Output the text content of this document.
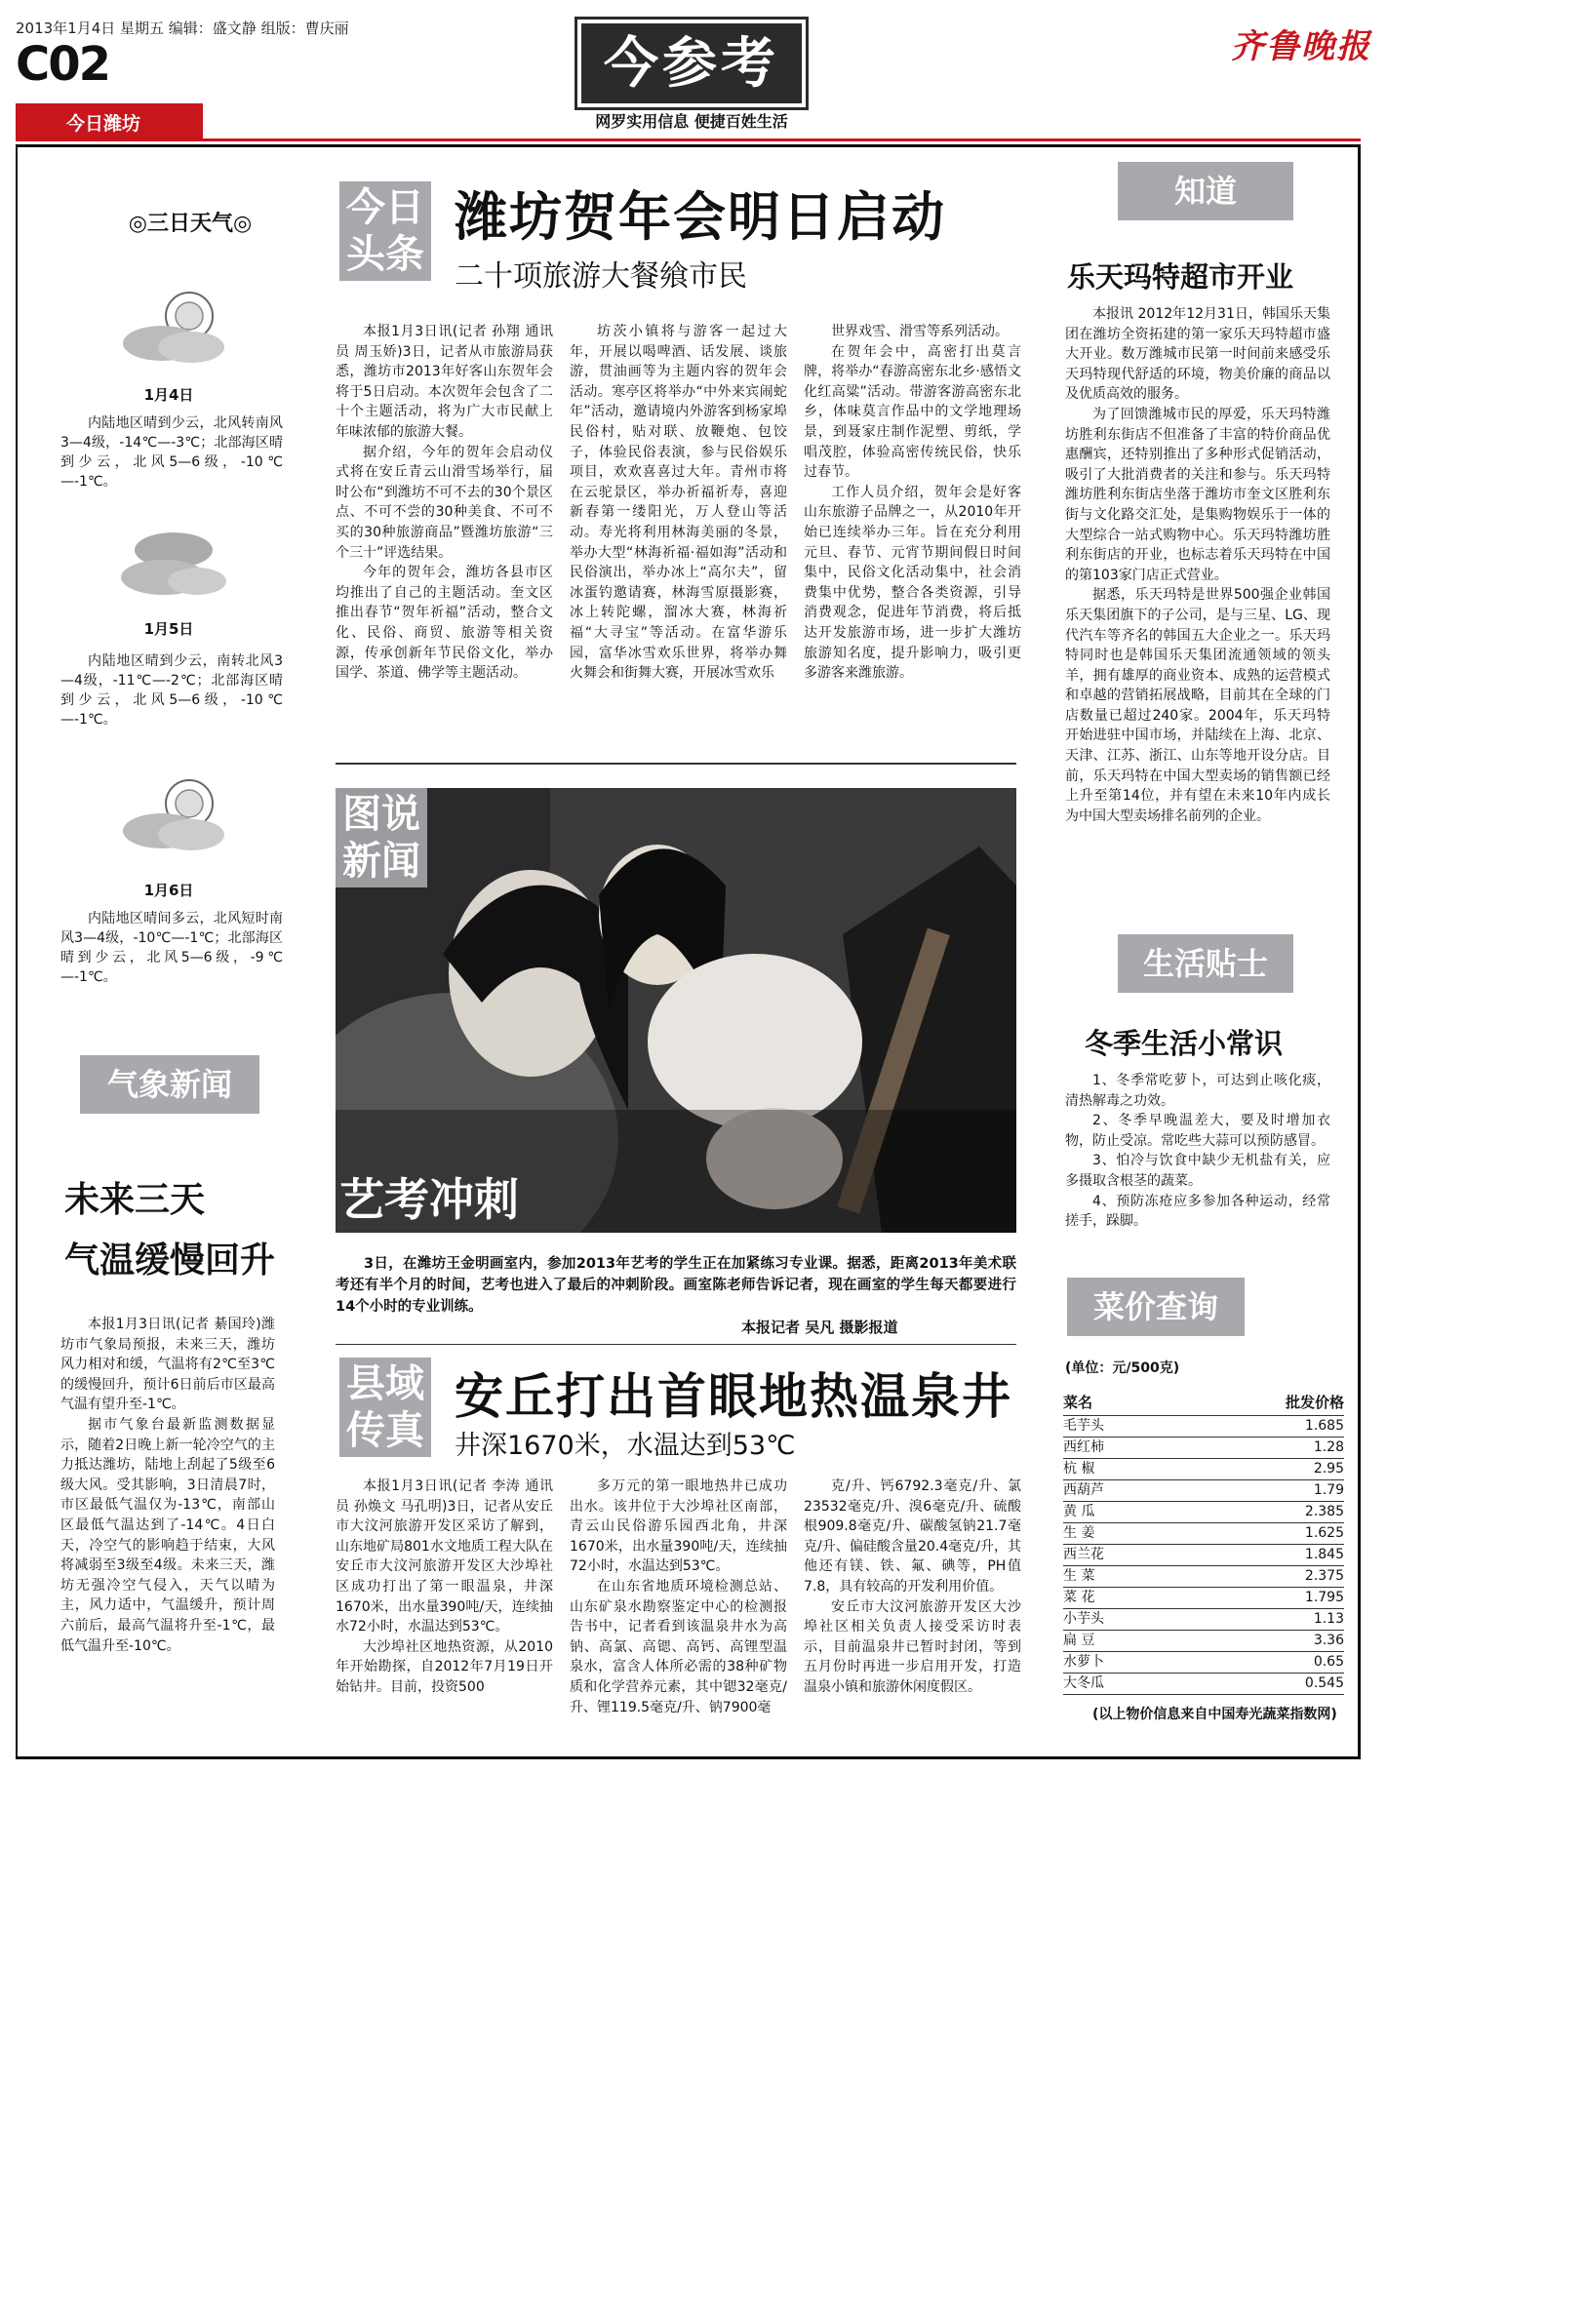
2013年1月4日 星期五 编辑：盛文静 组版：曹庆丽
C02
今日潍坊
今参考
网罗实用信息 便捷百姓生活
齐鲁晚报
◎三日天气◎
1月4日
内陆地区晴到少云，北风转南风3—4级，-14℃—-3℃；北部海区晴到少云，北风5—6级，-10℃—-1℃。
1月5日
内陆地区晴到少云，南转北风3—4级，-11℃—-2℃；北部海区晴到少云，北风5—6级，-10℃—-1℃。
1月6日
内陆地区晴间多云，北风短时南风3—4级，-10℃—-1℃；北部海区晴到少云，北风5—6级，-9℃—-1℃。
气象新闻
未来三天
气温缓慢回升

本报1月3日讯(记者 綦国玲)潍坊市气象局预报，未来三天，潍坊风力相对和缓，气温将有2℃至3℃的缓慢回升，预计6日前后市区最高气温有望升至-1℃。

据市气象台最新监测数据显示，随着2日晚上新一轮冷空气的主力抵达潍坊，陆地上刮起了5级至6级大风。受其影响，3日清晨7时，市区最低气温仅为-13℃，南部山区最低气温达到了-14℃。4日白天，冷空气的影响趋于结束，大风将减弱至3级至4级。未来三天，潍坊无强冷空气侵入，天气以晴为主，风力适中，气温缓升，预计周六前后，最高气温将升至-1℃，最低气温升至-10℃。

今日头条
潍坊贺年会明日启动
二十项旅游大餐飨市民

本报1月3日讯(记者 孙翔 通讯员 周玉娇)3日，记者从市旅游局获悉，潍坊市2013年好客山东贺年会将于5日启动。本次贺年会包含了二十个主题活动，将为广大市民献上年味浓郁的旅游大餐。

据介绍，今年的贺年会启动仪式将在安丘青云山滑雪场举行，届时公布“到潍坊不可不去的30个景区点、不可不尝的30种美食、不可不买的30种旅游商品”暨潍坊旅游“三个三十”评选结果。

今年的贺年会，潍坊各县市区均推出了自己的主题活动。奎文区推出春节“贺年祈福”活动，整合文化、民俗、商贸、旅游等相关资源，传承创新年节民俗文化，举办国学、茶道、佛学等主题活动。

坊茨小镇将与游客一起过大年，开展以喝啤酒、话发展、谈旅游，贯油画等为主题内容的贺年会活动。寒亭区将举办“中外来宾闹蛇年”活动，邀请境内外游客到杨家埠民俗村，贴对联、放鞭炮、包饺子，体验民俗表演，参与民俗娱乐项目，欢欢喜喜过大年。青州市将在云驼景区，举办祈福祈寿，喜迎新春第一缕阳光，万人登山等活动。寿光将利用林海美丽的冬景，举办大型“林海祈福·福如海”活动和民俗演出，举办冰上“高尔夫”，留冰蛋钓邀请赛，林海雪原摄影赛，冰上转陀螺，溜冰大赛，林海祈福“大寻宝”等活动。在富华游乐园，富华冰雪欢乐世界，将举办舞火舞会和街舞大赛，开展冰雪欢乐

世界戏雪、滑雪等系列活动。

在贺年会中，高密打出莫言牌，将举办“春游高密东北乡·感悟文化红高粱”活动。带游客游高密东北乡，体味莫言作品中的文学地理场景，到聂家庄制作泥塑、剪纸，学唱茂腔，体验高密传统民俗，快乐过春节。

工作人员介绍，贺年会是好客山东旅游子品牌之一，从2010年开始已连续举办三年。旨在充分利用元旦、春节、元宵节期间假日时间集中，民俗文化活动集中，社会消费集中优势，整合各类资源，引导消费观念，促进年节消费，将后抵达开发旅游市场，进一步扩大潍坊旅游知名度，提升影响力，吸引更多游客来潍旅游。

图说新闻
艺考冲刺
3日，在潍坊王金明画室内，参加2013年艺考的学生正在加紧练习专业课。据悉，距离2013年美术联考还有半个月的时间，艺考也进入了最后的冲刺阶段。画室陈老师告诉记者，现在画室的学生每天都要进行14个小时的专业训练。
本报记者 吴凡 摄影报道
县域传真
安丘打出首眼地热温泉井
井深1670米，水温达到53℃

本报1月3日讯(记者 李涛 通讯员 孙焕文 马孔明)3日，记者从安丘市大汶河旅游开发区采访了解到，山东地矿局801水文地质工程大队在安丘市大汶河旅游开发区大沙埠社区成功打出了第一眼温泉，井深1670米，出水量390吨/天，连续抽水72小时，水温达到53℃。

大沙埠社区地热资源，从2010年开始勘探，自2012年7月19日开始钻井。目前，投资500

多万元的第一眼地热井已成功出水。该井位于大沙埠社区南部，青云山民俗游乐园西北角，井深1670米，出水量390吨/天，连续抽72小时，水温达到53℃。

在山东省地质环境检测总站、山东矿泉水勘察鉴定中心的检测报告书中，记者看到该温泉井水为高钠、高氯、高锶、高钙、高锂型温泉水，富含人体所必需的38种矿物质和化学营养元素，其中锶32毫克/升、锂119.5毫克/升、钠7900毫

克/升、钙6792.3毫克/升、氯23532毫克/升、溴6毫克/升、硫酸根909.8毫克/升、碳酸氢钠21.7毫克/升、偏硅酸含量20.4毫克/升，其他还有镁、铁、氟、碘等，PH值7.8，具有较高的开发利用价值。

安丘市大汶河旅游开发区大沙埠社区相关负责人接受采访时表示，目前温泉井已暂时封闭，等到五月份时再进一步启用开发，打造温泉小镇和旅游休闲度假区。

知道
乐天玛特超市开业

本报讯 2012年12月31日，韩国乐天集团在潍坊全资拓建的第一家乐天玛特超市盛大开业。数万潍城市民第一时间前来感受乐天玛特现代舒适的环境，物美价廉的商品以及优质高效的服务。

为了回馈潍城市民的厚爱，乐天玛特潍坊胜利东街店不但准备了丰富的特价商品优惠酬宾，还特别推出了多种形式促销活动，吸引了大批消费者的关注和参与。乐天玛特潍坊胜利东街店坐落于潍坊市奎文区胜利东街与文化路交汇处，是集购物娱乐于一体的大型综合一站式购物中心。乐天玛特潍坊胜利东街店的开业，也标志着乐天玛特在中国的第103家门店正式营业。

据悉，乐天玛特是世界500强企业韩国乐天集团旗下的子公司，是与三星、LG、现代汽车等齐名的韩国五大企业之一。乐天玛特同时也是韩国乐天集团流通领域的领头羊，拥有雄厚的商业资本、成熟的运营模式和卓越的营销拓展战略，目前其在全球的门店数量已超过240家。2004年，乐天玛特开始进驻中国市场，并陆续在上海、北京、天津、江苏、浙江、山东等地开设分店。目前，乐天玛特在中国大型卖场的销售额已经上升至第14位，并有望在未来10年内成长为中国大型卖场排名前列的企业。

生活贴士
冬季生活小常识

1、冬季常吃萝卜，可达到止咳化痰，清热解毒之功效。

2、冬季早晚温差大，要及时增加衣物，防止受凉。常吃些大蒜可以预防感冒。

3、怕冷与饮食中缺少无机盐有关，应多摄取含根茎的蔬菜。

4、预防冻疮应多参加各种运动，经常搓手，跺脚。

菜价查询
(单位：元/500克)
菜名	批发价格
毛芋头	1.685
西红柿	1.28
杭 椒	2.95
西葫芦	1.79
黄 瓜	2.385
生 姜	1.625
西兰花	1.845
生 菜	2.375
菜 花	1.795
小芋头	1.13
扁 豆	3.36
水萝卜	0.65
大冬瓜	0.545
(以上物价信息来自中国寿光蔬菜指数网)
